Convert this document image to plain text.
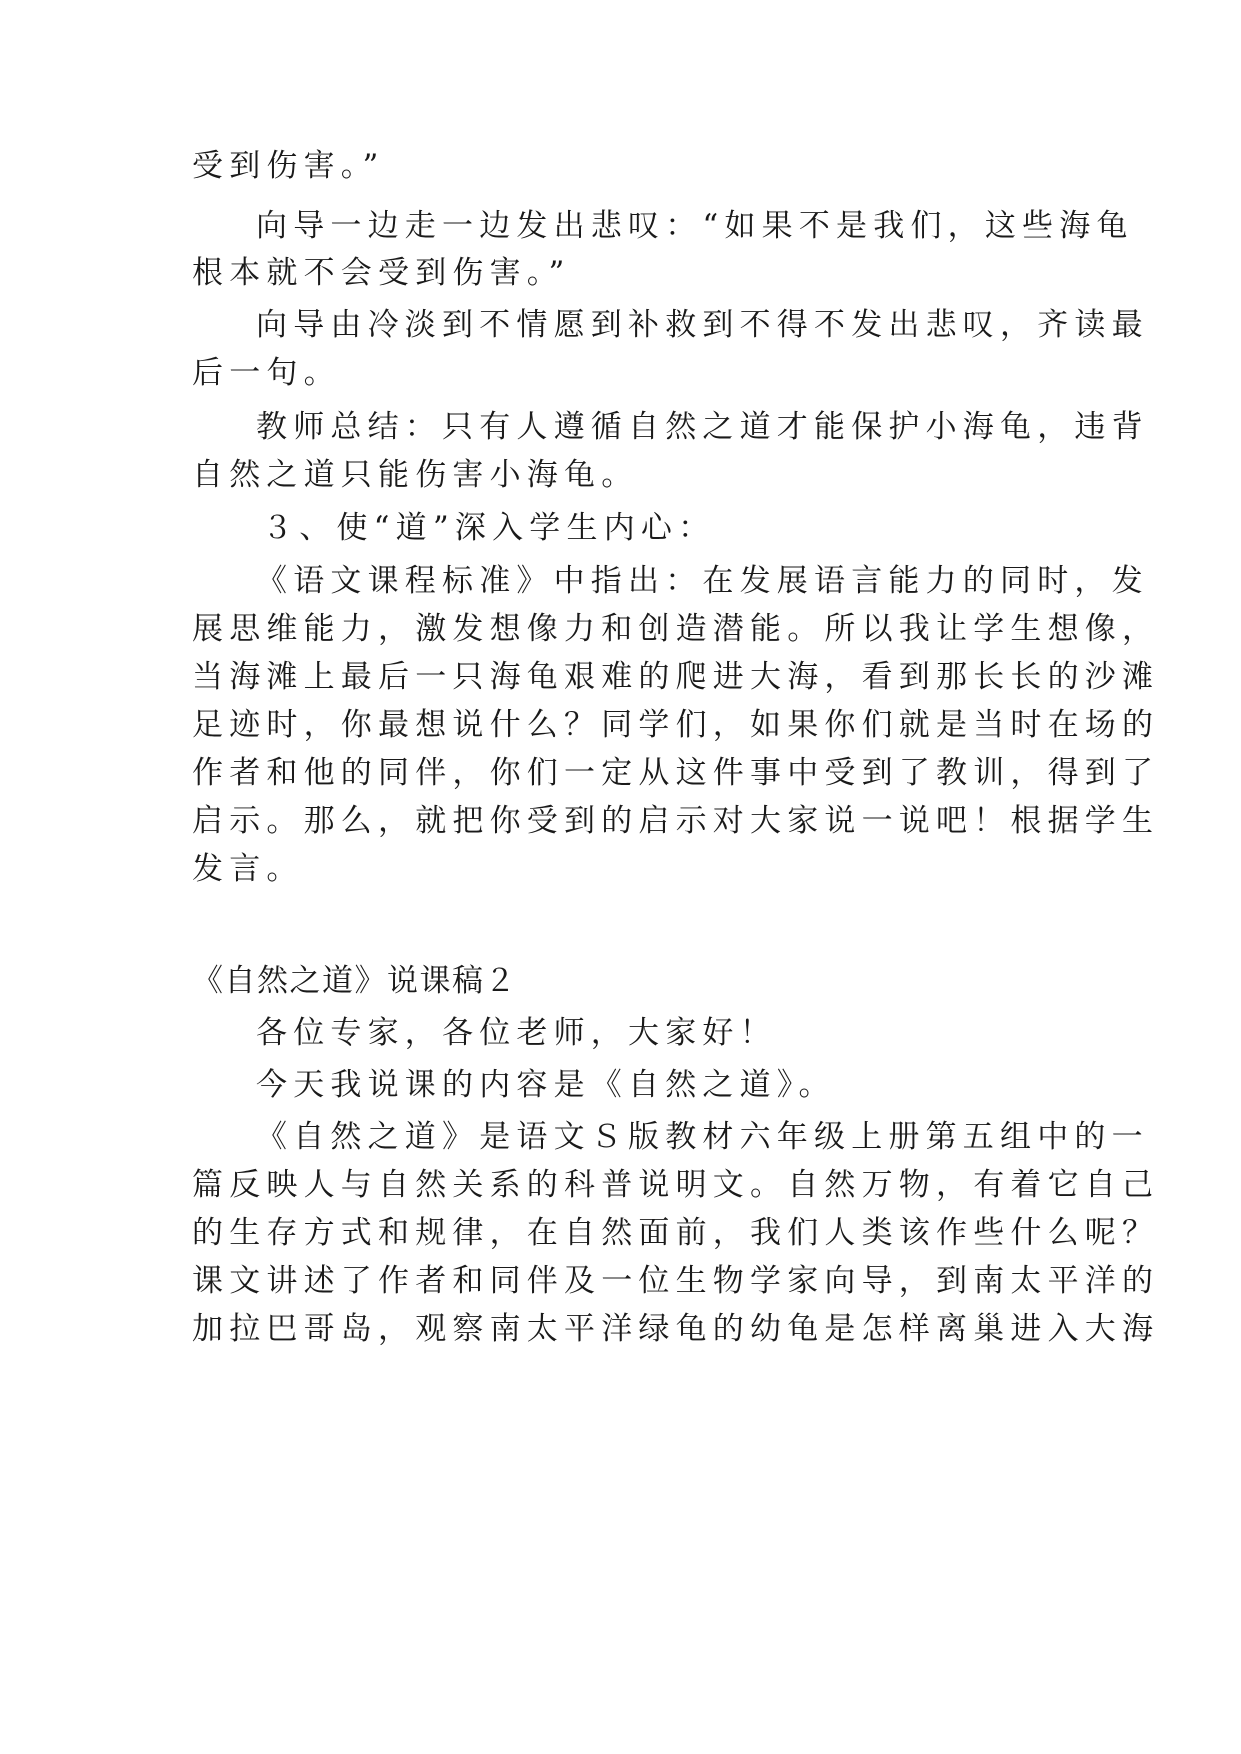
受到伤害。”
向导一边走一边发出悲叹：“如果不是我们，这些海龟
根本就不会受到伤害。”
向导由冷淡到不情愿到补救到不得不发出悲叹，齐读最
后一句。
教师总结：只有人遵循自然之道才能保护小海龟，违背
自然之道只能伤害小海龟。
３、使“道”深入学生内心：
《语文课程标准》中指出：在发展语言能力的同时，发
展思维能力，激发想像力和创造潜能。所以我让学生想像，
当海滩上最后一只海龟艰难的爬进大海，看到那长长的沙滩
足迹时，你最想说什么？同学们，如果你们就是当时在场的
作者和他的同伴，你们一定从这件事中受到了教训，得到了
启示。那么，就把你受到的启示对大家说一说吧！根据学生
发言。
《自然之道》说课稿２
各位专家，各位老师，大家好！
今天我说课的内容是《自然之道》。
《自然之道》是语文Ｓ版教材六年级上册第五组中的一
篇反映人与自然关系的科普说明文。自然万物，有着它自己
的生存方式和规律，在自然面前，我们人类该作些什么呢？
课文讲述了作者和同伴及一位生物学家向导，到南太平洋的
加拉巴哥岛，观察南太平洋绿龟的幼龟是怎样离巢进入大海
